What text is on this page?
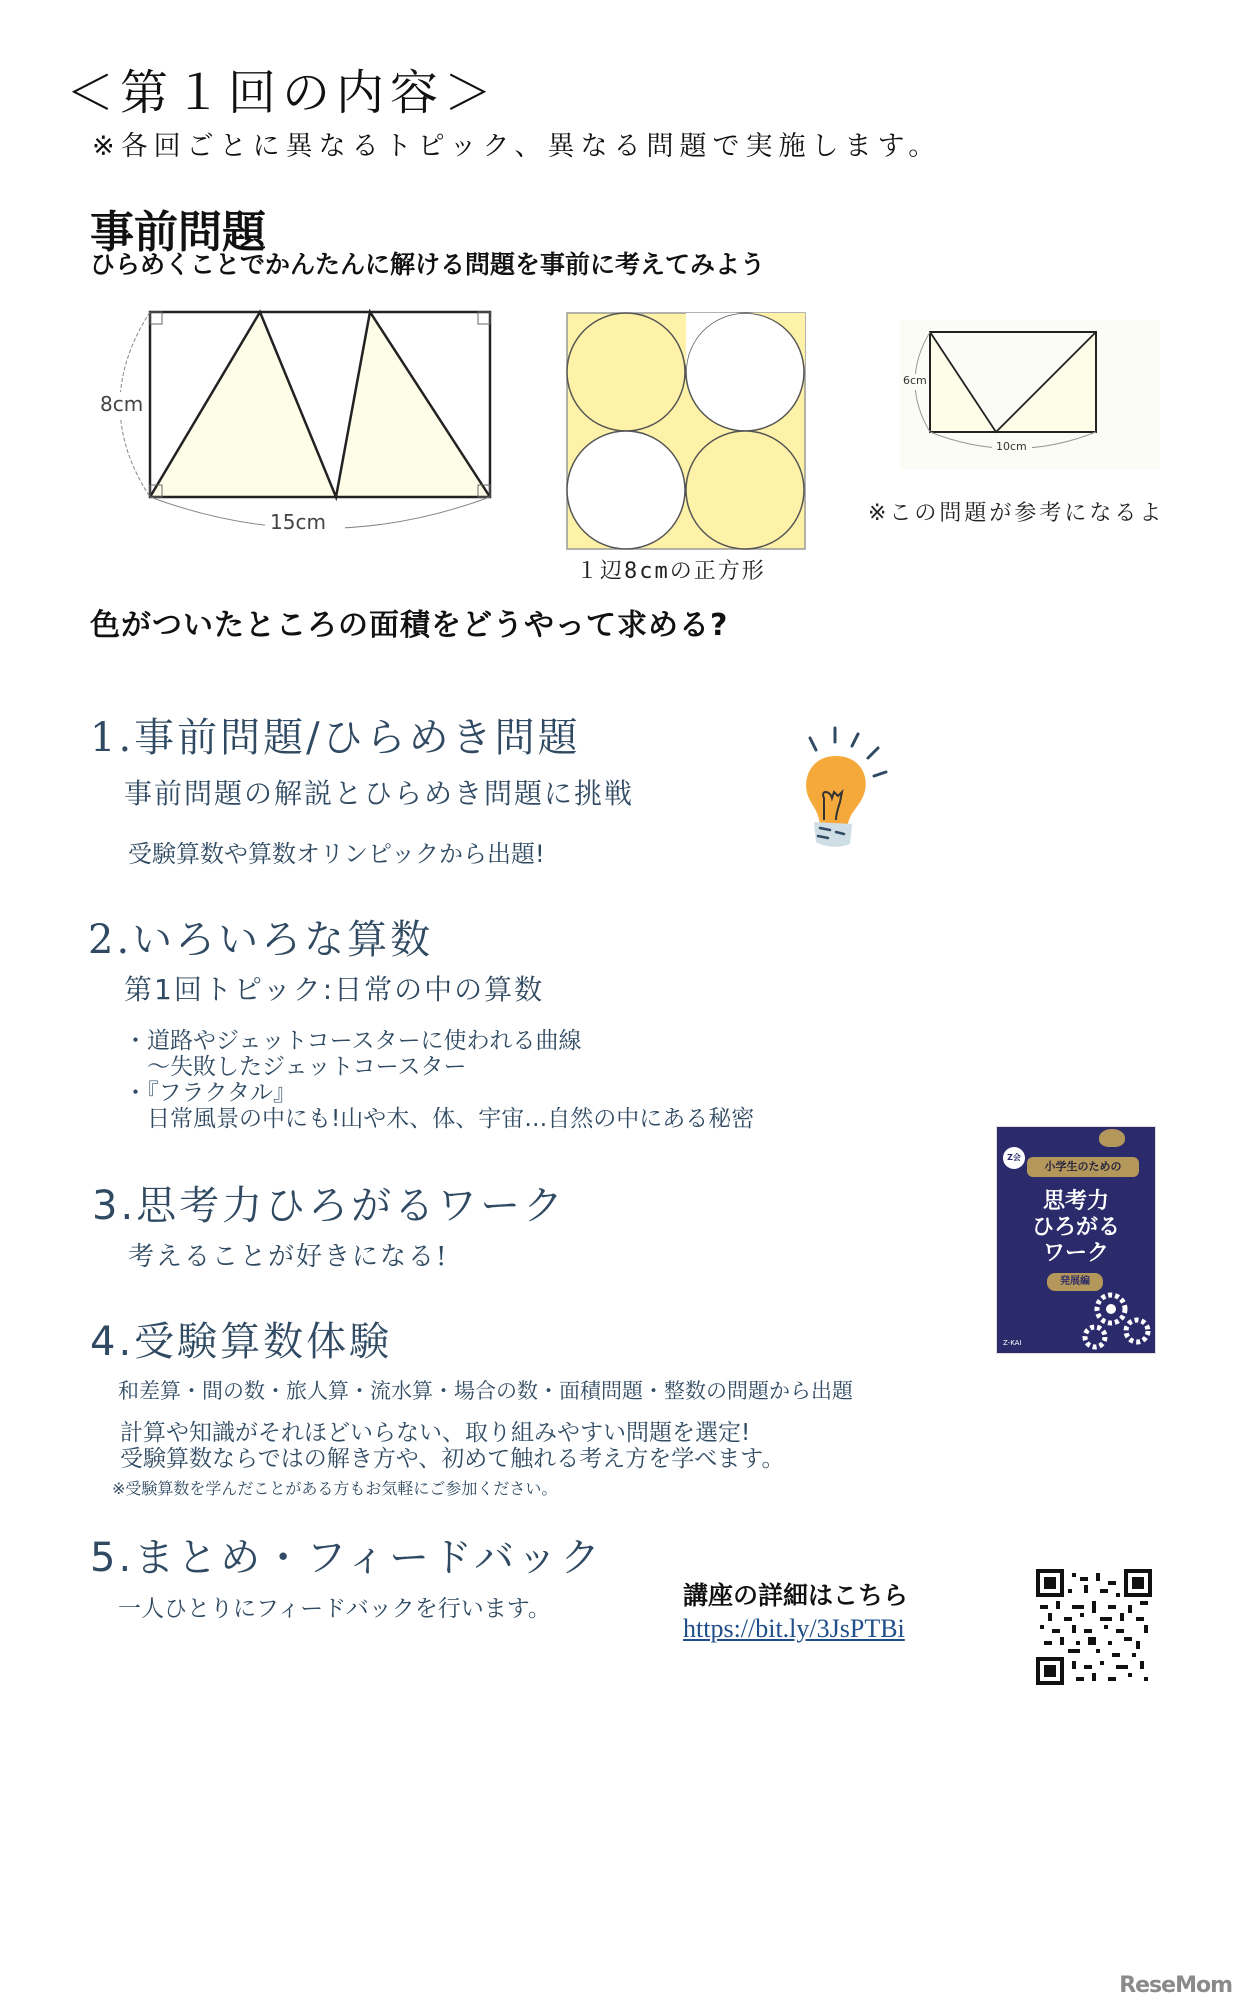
＜第１回の内容＞
※各回ごとに異なるトピック、異なる問題で実施します。
事前問題
ひらめくことでかんたんに解ける問題を事前に考えてみよう
8cm
15cm
１辺8cmの正方形
6cm
10cm
※この問題が参考になるよ
色がついたところの面積をどうやって求める?
1.事前問題/ひらめき問題
事前問題の解説とひらめき問題に挑戦
受験算数や算数オリンピックから出題!
2.いろいろな算数
第1回トピック:日常の中の算数
・道路やジェットコースターに使われる曲線
　～失敗したジェットコースター
・『フラクタル』
　日常風景の中にも!山や木、体、宇宙…自然の中にある秘密
3.思考力ひろがるワーク
考えることが好きになる!
Z会
小学生のための
思考力
ひろがる
ワーク
発展編
Z-KAI
4.受験算数体験
和差算・間の数・旅人算・流水算・場合の数・面積問題・整数の問題から出題
計算や知識がそれほどいらない、取り組みやすい問題を選定!
受験算数ならではの解き方や、初めて触れる考え方を学べます。
※受験算数を学んだことがある方もお気軽にご参加ください。
5.まとめ・フィードバック
一人ひとりにフィードバックを行います。	講座の詳細はこちら
https://bit.ly/3JsPTBi
ReseMom
